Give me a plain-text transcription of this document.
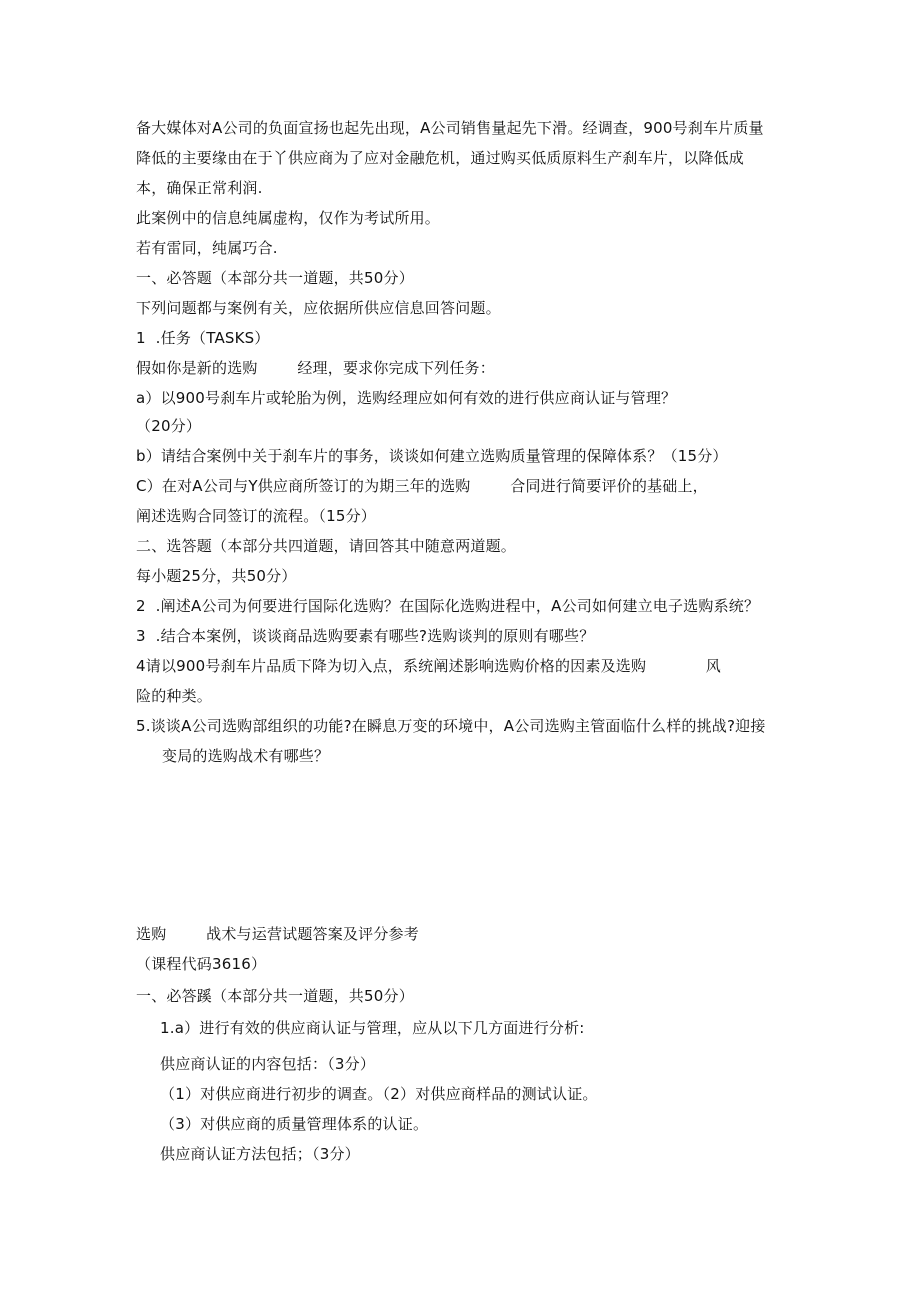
备大媒体对A公司的负面宣扬也起先出现，A公司销售量起先下滑。经调查，900号刹车片质量

降低的主要缘由在于丫供应商为了应对金融危机，通过购买低质原料生产刹车片，以降低成

本，确保正常利润.

此案例中的信息纯属虚构，仅作为考试所用。

若有雷同，纯属巧合.

一、必答题（本部分共一道题，共50分）

下列问题都与案例有关，应依据所供应信息回答问题。

1  .任务（TASKS）

假如你是新的选购        经理，要求你完成下列任务：

a）以900号刹车片或轮胎为例，选购经理应如何有效的进行供应商认证与管理？

（20分）

b）请结合案例中关于刹车片的事务，谈谈如何建立选购质量管理的保障体系？（15分）

C）在对A公司与Y供应商所签订的为期三年的选购        合同进行简要评价的基础上，

阐述选购合同签订的流程。（15分）

二、选答题（本部分共四道题，请回答其中随意两道题。

每小题25分，共50分）

2  .阐述A公司为何要进行国际化选购？在国际化选购进程中，A公司如何建立电子选购系统？

3  .结合本案例，谈谈商品选购要素有哪些?选购谈判的原则有哪些？

4请以900号刹车片品质下降为切入点，系统阐述影响选购价格的因素及选购            风

险的种类。

5.谈谈A公司选购部组织的功能?在瞬息万变的环境中，A公司选购主管面临什么样的挑战?迎接

变局的选购战术有哪些？

选购        战术与运营试题答案及评分参考

（课程代码3616）

一、必答蹊（本部分共一道题，共50分）

1.a）进行有效的供应商认证与管理，应从以下几方面进行分析:

供应商认证的内容包括：（3分）

（1）对供应商进行初步的调查。（2）对供应商样品的测试认证。

（3）对供应商的质量管理体系的认证。

供应商认证方法包括；（3分）
